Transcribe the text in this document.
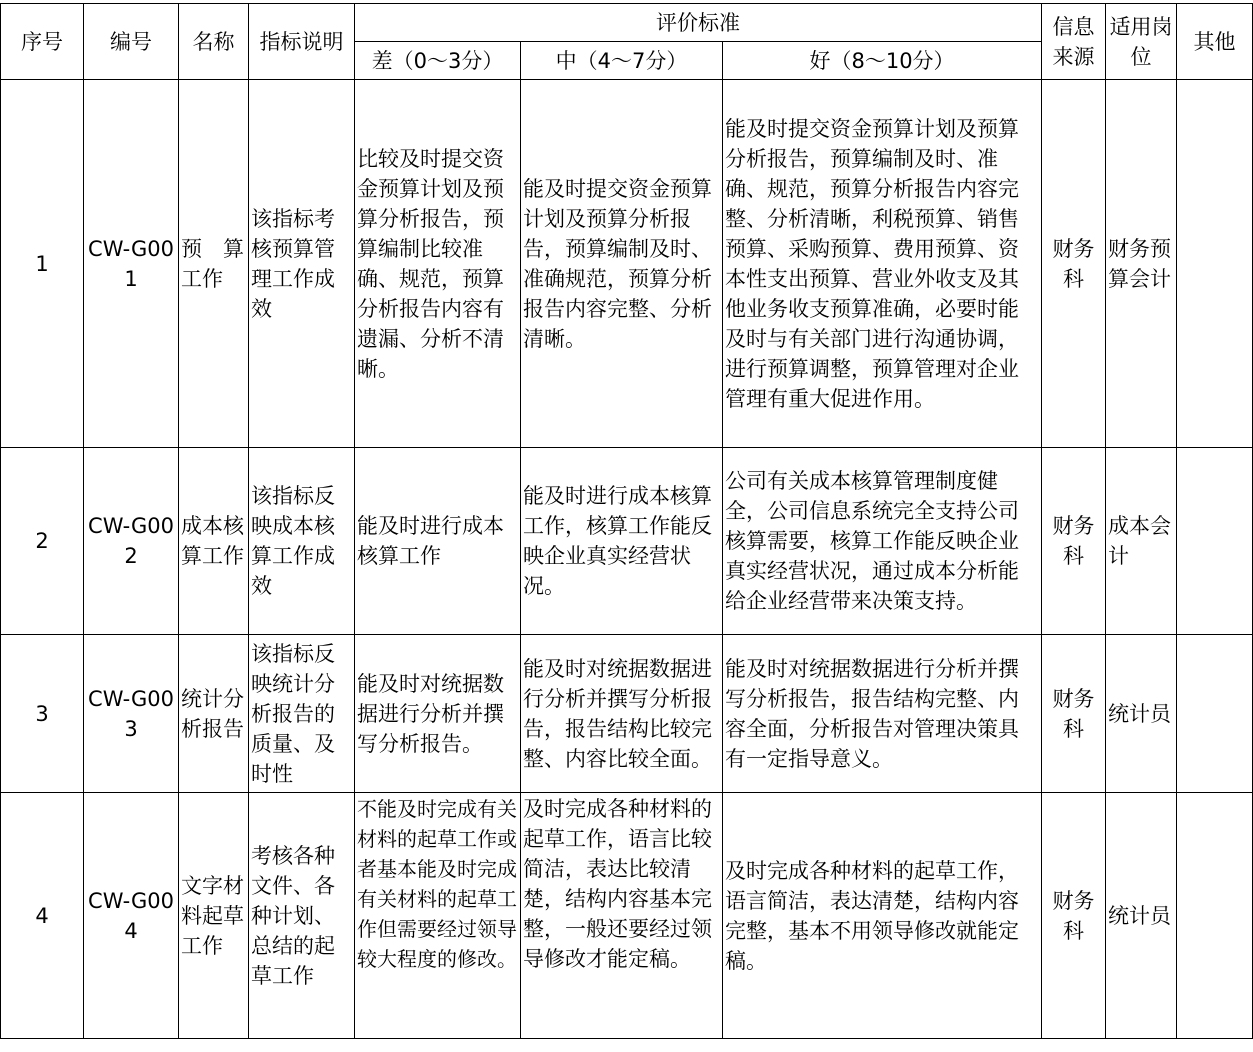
序号	编号	名称	指标说明	评价标准			信息来源	适用岗位	其他
				差（0～3分）	中（4～7分）	好（8～10分）			
1	CW-G001	预　算工作	该指标考核预算管理工作成效	比较及时提交资金预算计划及预算分析报告，预算编制比较准确、规范，预算分析报告内容有遗漏、分析不清晰。	能及时提交资金预算计划及预算分析报告，预算编制及时、准确规范，预算分析报告内容完整、分析清晰。	能及时提交资金预算计划及预算分析报告，预算编制及时、准确、规范，预算分析报告内容完整、分析清晰，利税预算、销售预算、采购预算、费用预算、资本性支出预算、营业外收支及其他业务收支预算准确，必要时能及时与有关部门进行沟通协调，进行预算调整，预算管理对企业管理有重大促进作用。	财务科	财务预算会计	
2	CW-G002	成本核算工作	该指标反映成本核算工作成效	能及时进行成本核算工作	能及时进行成本核算工作，核算工作能反映企业真实经营状况。	公司有关成本核算管理制度健全，公司信息系统完全支持公司核算需要，核算工作能反映企业真实经营状况，通过成本分析能给企业经营带来决策支持。	财务科	成本会计	
3	CW-G003	统计分析报告	该指标反映统计分析报告的质量、及时性	能及时对统据数据进行分析并撰写分析报告。	能及时对统据数据进行分析并撰写分析报告，报告结构比较完整、内容比较全面。	能及时对统据数据进行分析并撰写分析报告，报告结构完整、内容全面，分析报告对管理决策具有一定指导意义。	财务科	统计员	
4	CW-G004	文字材料起草工作	考核各种文件、各种计划、总结的起草工作	不能及时完成有关材料的起草工作或者基本能及时完成有关材料的起草工作但需要经过领导较大程度的修改。	及时完成各种材料的起草工作，语言比较简洁，表达比较清楚，结构内容基本完整，一般还要经过领导修改才能定稿。	及时完成各种材料的起草工作，语言简洁，表达清楚，结构内容完整，基本不用领导修改就能定稿。	财务科	统计员	
